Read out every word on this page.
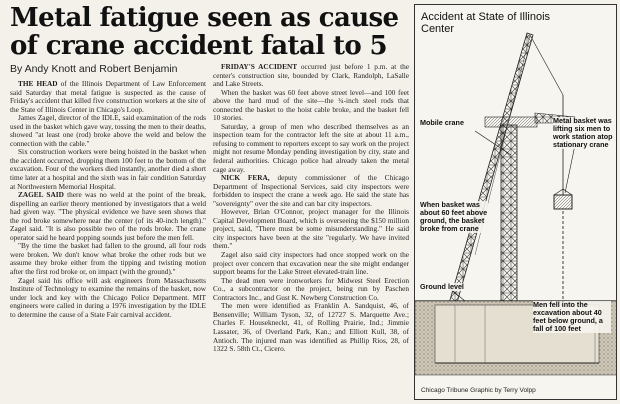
Metal fatigue seen as cause of crane accident fatal to 5
By Andy Knott and Robert Benjamin

THE HEAD of the Illinois Department of Law Enforcement said Saturday that metal fatigue is suspected as the cause of Friday's accident that killed five construction workers at the site of the State of Illinois Center in Chicago's Loop.

James Zagel, director of the IDLE, said examination of the rods used in the basket which gave way, tossing the men to their deaths, showed "at least one (rod) broke above the weld and below the connection with the cable."

Six construction workers were being hoisted in the basket when the accident occurred, dropping them 100 feet to the bottom of the excavation. Four of the workers died instantly, another died a short time later at a hospital and the sixth was in fair condition Saturday at Northwestern Memorial Hospital.

ZAGEL SAID there was no weld at the point of the break, dispelling an earlier theory mentioned by investigators that a weld had given way. "The physical evidence we have seen shows that the rod broke somewhere near the center (of its 40-inch length)." Zagel said. "It is also possible two of the rods broke. The crane operator said he heard popping sounds just before the men fell.

"By the time the basket had fallen to the ground, all four rods were broken. We don't know what broke the other rods but we assume they broke either from the tipping and twisting motion after the first rod broke or, on impact (with the ground)."

Zagel said his office will ask engineers from Massachusetts Institute of Technology to examine the remains of the basket, now under lock and key with the Chicago Police Department. MIT engineers were called in during a 1976 investigation by the IDLE to determine the cause of a State Fair carnival accident.

FRIDAY'S ACCIDENT occurred just before 1 p.m. at the center's construction site, bounded by Clark, Randolph, LaSalle and Lake Streets.

When the basket was 60 feet above street level—and 100 feet above the hard mud of the site—the ¾-inch steel rods that connected the basket to the hoist cable broke, and the basket fell 10 stories.

Saturday, a group of men who described themselves as an inspection team for the contractor left the site at about 11 a.m., refusing to comment to reporters except to say work on the project might not resume Monday pending investigation by city, state and federal authorities. Chicago police had already taken the metal cage away.

NICK FERA, deputy commissioner of the Chicago Department of Inspectional Services, said city inspectors were forbidden to inspect the crane a week ago. He said the state has "sovereignty" over the site and can bar city inspectors.

However, Brian O'Connor, project manager for the Illinois Capital Development Board, which is overseeing the $150 million project, said, "There must be some misunderstanding." He said city inspectors have been at the site "regularly. We have invited them."

Zagel also said city inspectors had once stopped work on the project over concern that excavation near the site might endanger support beams for the Lake Street elevated-train line.

The dead men were ironworkers for Midwest Steel Erection Co., a subcontractor on the project, being run by Paschen Contractors Inc., and Gust K. Newberg Construction Co.

The men were identified as Franklin A. Sandquist, 46, of Bensenville; William Tyson, 32, of 12727 S. Marquette Ave.; Charles F. Housekneckt, 41, of Rolling Prairie, Ind.; Jimmie Lassater, 36, of Overland Park, Kan.; and Elliott Kull, 38, of Antioch. The injured man was identified as Phillip Rios, 28, of 1322 S. 58th Ct., Cicero.

Accident at State of Illinois Center
Mobile crane	Metal basket was lifting six men to work station atop stationary crane
When basket was about 60 feet above ground, the basket broke from crane
Ground level
Men fell into the excavation about 40 feet below ground, a fall of 100 feet
Chicago Tribune Graphic by Terry Volpp
